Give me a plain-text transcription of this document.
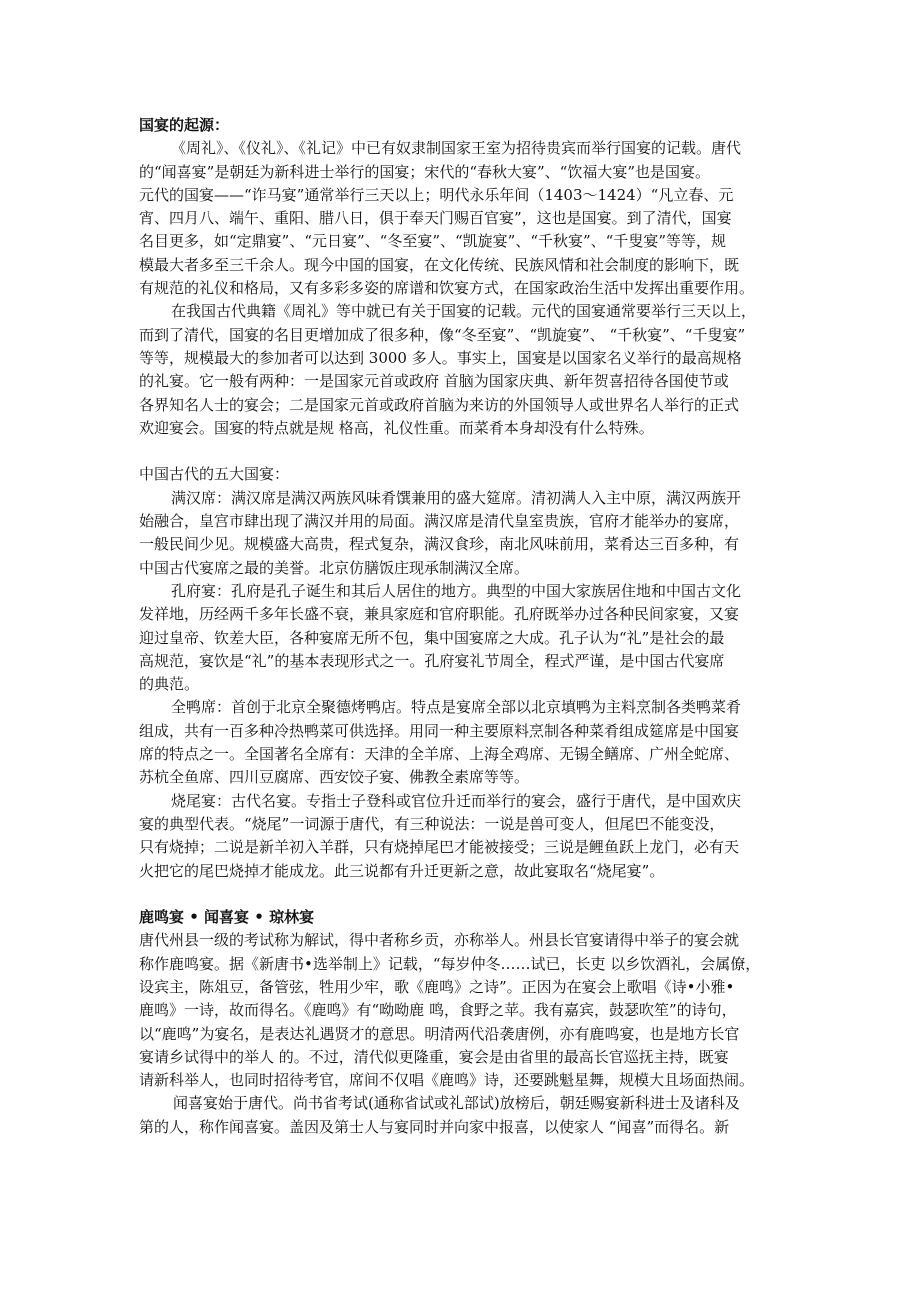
国宴的起源：
《周礼》、《仪礼》、《礼记》中已有奴隶制国家王室为招待贵宾而举行国宴的记载。唐代
的“闻喜宴”是朝廷为新科进士举行的国宴；宋代的“春秋大宴”、“饮福大宴”也是国宴。
元代的国宴——“诈马宴”通常举行三天以上；明代永乐年间（1403～1424）“凡立春、元
宵、四月八、端午、重阳、腊八日，俱于奉天门赐百官宴”，这也是国宴。到了清代，国宴
名目更多，如“定鼎宴”、“元日宴”、“冬至宴”、“凯旋宴”、“千秋宴”、“千叟宴”等等，规
模最大者多至三千余人。现今中国的国宴，在文化传统、民族风情和社会制度的影响下，既
有规范的礼仪和格局，又有多彩多姿的席谱和饮宴方式，在国家政治生活中发挥出重要作用。
在我国古代典籍《周礼》等中就已有关于国宴的记载。元代的国宴通常要举行三天以上，
而到了清代，国宴的名目更增加成了很多种，像“冬至宴”、“凯旋宴”、 “千秋宴”、“千叟宴”
等等，规模最大的参加者可以达到 3000 多人。事实上，国宴是以国家名义举行的最高规格
的礼宴。它一般有两种：一是国家元首或政府 首脑为国家庆典、新年贺喜招待各国使节或
各界知名人士的宴会；二是国家元首或政府首脑为来访的外国领导人或世界名人举行的正式
欢迎宴会。国宴的特点就是规 格高，礼仪性重。而菜肴本身却没有什么特殊。
中国古代的五大国宴：
满汉席：满汉席是满汉两族风味肴馔兼用的盛大筵席。清初满人入主中原，满汉两族开
始融合，皇宫市肆出现了满汉并用的局面。满汉席是清代皇室贵族，官府才能举办的宴席，
一般民间少见。规模盛大高贵，程式复杂，满汉食珍，南北风味前用，菜肴达三百多种，有
中国古代宴席之最的美誉。北京仿膳饭庄现承制满汉全席。
孔府宴：孔府是孔子诞生和其后人居住的地方。典型的中国大家族居住地和中国古文化
发祥地，历经两千多年长盛不衰，兼具家庭和官府职能。孔府既举办过各种民间家宴，又宴
迎过皇帝、钦差大臣，各种宴席无所不包，集中国宴席之大成。孔子认为“礼”是社会的最
高规范，宴饮是“礼”的基本表现形式之一。孔府宴礼节周全，程式严谨，是中国古代宴席
的典范。
全鸭席：首创于北京全聚德烤鸭店。特点是宴席全部以北京填鸭为主料烹制各类鸭菜肴
组成，共有一百多种冷热鸭菜可供选择。用同一种主要原料烹制各种菜肴组成筵席是中国宴
席的特点之一。全国著名全席有：天津的全羊席、上海全鸡席、无锡全鳝席、广州全蛇席、
苏杭全鱼席、四川豆腐席、西安饺子宴、佛教全素席等等。
烧尾宴：古代名宴。专指士子登科或官位升迁而举行的宴会，盛行于唐代，是中国欢庆
宴的典型代表。“烧尾”一词源于唐代，有三种说法：一说是兽可变人，但尾巴不能变没，
只有烧掉；二说是新羊初入羊群，只有烧掉尾巴才能被接受；三说是鲤鱼跃上龙门，必有天
火把它的尾巴烧掉才能成龙。此三说都有升迁更新之意，故此宴取名“烧尾宴”。
鹿鸣宴 • 闻喜宴 • 琼林宴
唐代州县一级的考试称为解试，得中者称乡贡，亦称举人。州县长官宴请得中举子的宴会就
称作鹿鸣宴。据《新唐书•选举制上》记载，“每岁仲冬……试已，长吏 以乡饮酒礼，会属僚，
设宾主，陈俎豆，备管弦，牲用少牢，歌《鹿鸣》之诗”。正因为在宴会上歌唱《诗•小雅•
鹿鸣》一诗，故而得名。《鹿鸣》有“呦呦鹿 鸣，食野之苹。我有嘉宾，鼓瑟吹笙”的诗句，
以“鹿鸣”为宴名，是表达礼遇贤才的意思。明清两代沿袭唐例，亦有鹿鸣宴，也是地方长官
宴请乡试得中的举人 的。不过，清代似更隆重，宴会是由省里的最高长官巡抚主持，既宴
请新科举人，也同时招待考官，席间不仅唱《鹿鸣》诗，还要跳魁星舞，规模大且场面热闹。
闻喜宴始于唐代。尚书省考试(通称省试或礼部试)放榜后，朝廷赐宴新科进士及诸科及
第的人，称作闻喜宴。盖因及第士人与宴同时并向家中报喜，以使家人 “闻喜”而得名。新
